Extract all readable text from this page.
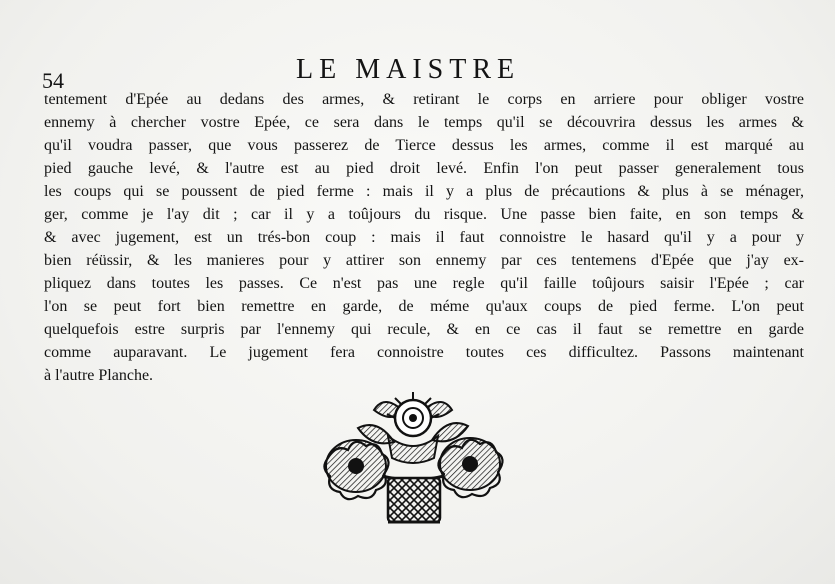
54	LE MAISTRE
tentement d'Epée au dedans des armes, & retirant le corps en arriere pour obliger vostre
ennemy à chercher vostre Epée, ce sera dans le temps qu'il se découvrira dessus les armes &
qu'il voudra passer, que vous passerez de Tierce dessus les armes, comme il est marqué au
pied gauche levé, & l'autre est au pied droit levé. Enfin l'on peut passer generalement tous
les coups qui se poussent de pied ferme : mais il y a plus de précautions & plus à se ménager,
ger, comme je l'ay dit ; car il y a toûjours du risque. Une passe bien faite, en son temps &
& avec jugement, est un trés-bon coup : mais il faut connoistre le hasard qu'il y a pour y
bien réüssir, & les manieres pour y attirer son ennemy par ces tentemens d'Epée que j'ay ex-
pliquez dans toutes les passes. Ce n'est pas une regle qu'il faille toûjours saisir l'Epée ; car
l'on se peut fort bien remettre en garde, de méme qu'aux coups de pied ferme. L'on peut
quelquefois estre surpris par l'ennemy qui recule, & en ce cas il faut se remettre en garde
comme auparavant. Le jugement fera connoistre toutes ces difficultez. Passons maintenant
à l'autre Planche.
